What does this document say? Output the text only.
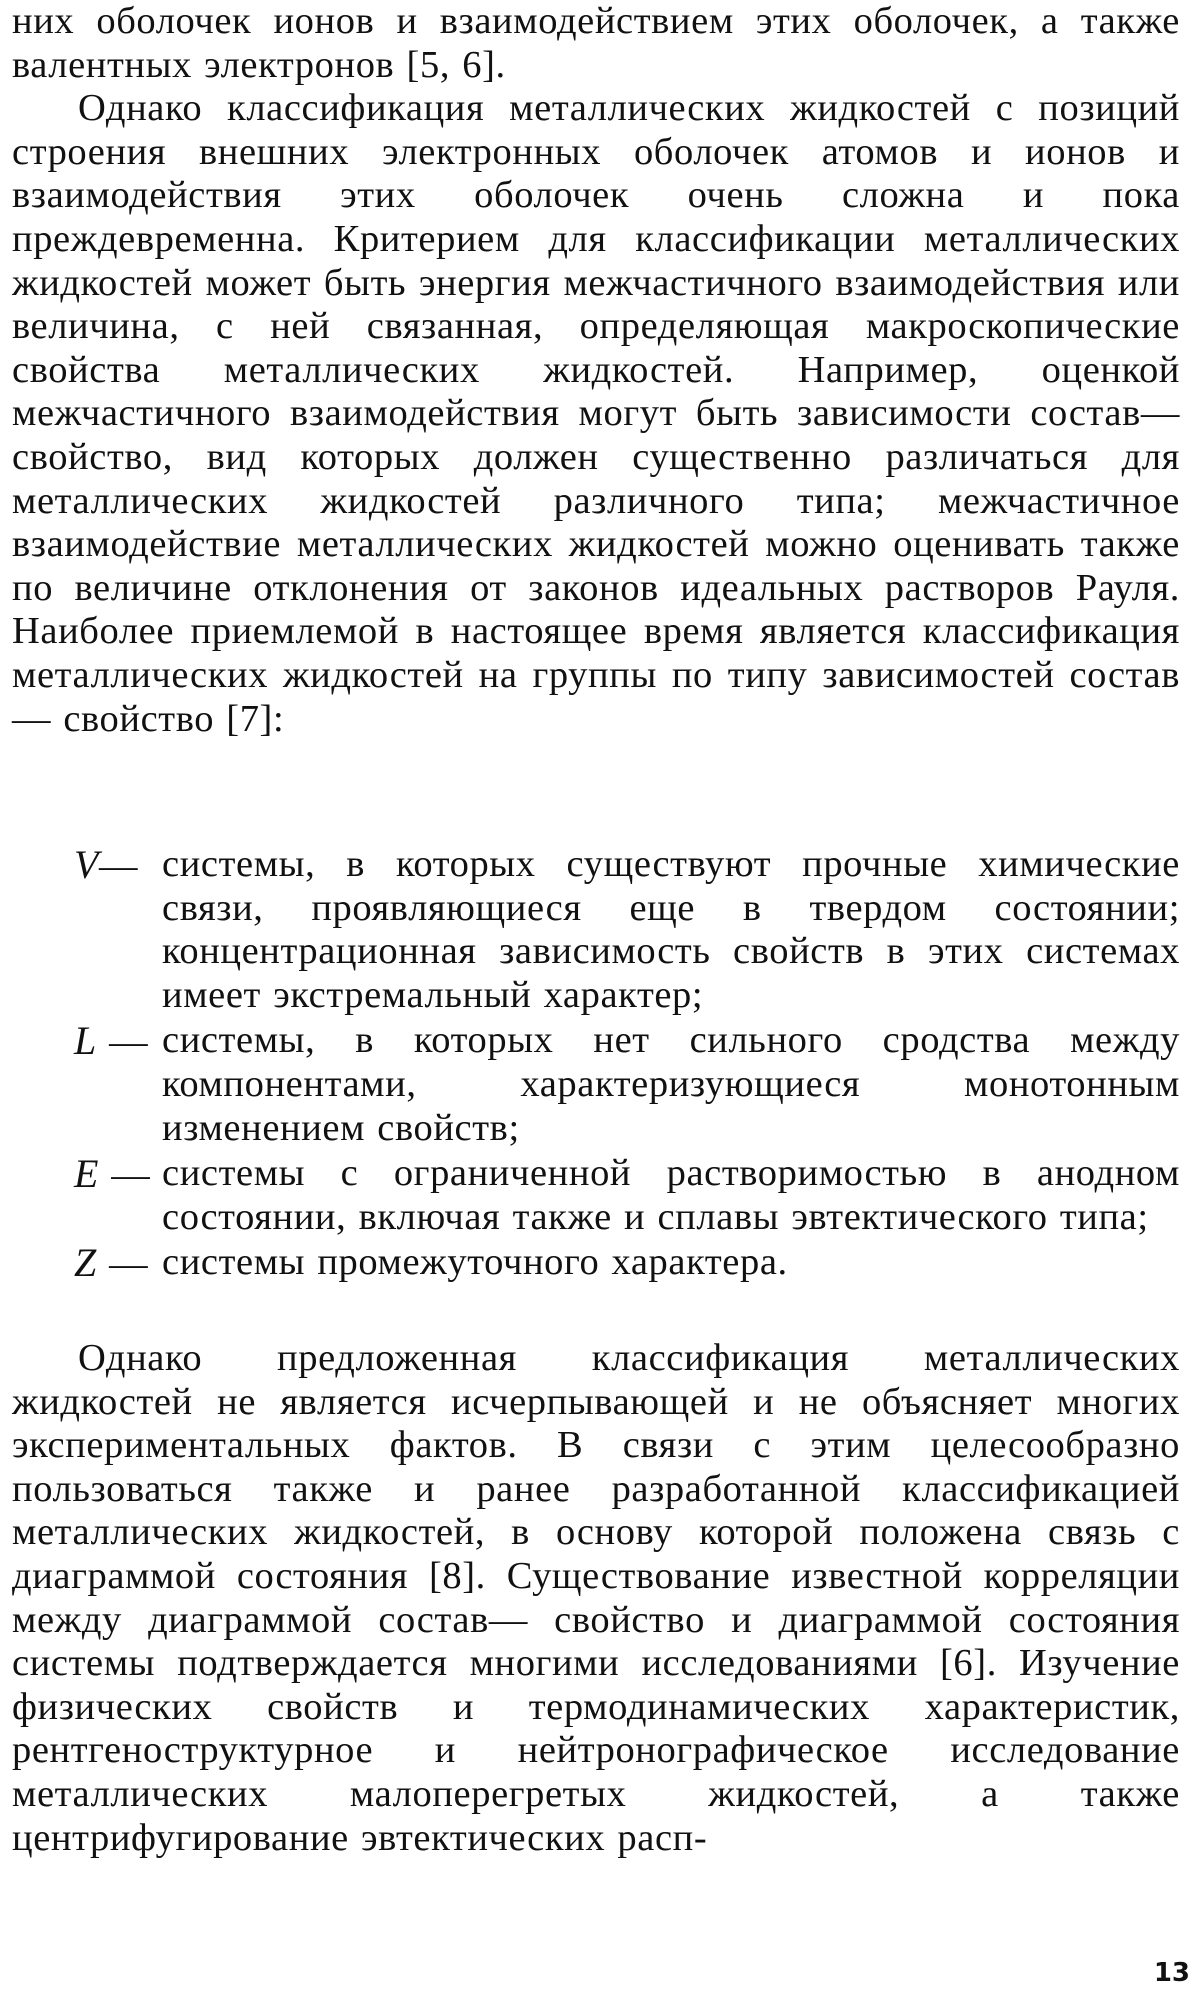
них оболочек ионов и взаимодействием этих оболочек, а также валентных электронов [5, 6].
Однако классификация металлических жидкостей с позиций строения внешних электронных оболочек атомов и ионов и взаимодействия этих оболочек очень сложна и пока преждевременна. Критерием для классификации металлических жидкостей может быть энергия межчастичного взаимодействия или величина, с ней связанная, определяющая макроскопические свойства металлических жидкостей. Например, оценкой межчастичного взаимодействия могут быть зависимости состав—свойство, вид которых должен существенно различаться для металлических жидкостей различного типа; межчастичное взаимодействие металлических жидкостей можно оценивать также по величине отклонения от законов идеальных растворов Рауля. Наиболее приемлемой в настоящее время является классификация металлических жидкостей на группы по типу зависимостей состав — свойство [7]:
V— системы, в которых существуют прочные химические связи, проявляющиеся еще в твердом состоянии; концентрационная зависимость свойств в этих системах имеет экстремальный характер;
L — системы, в которых нет сильного сродства между компонентами, характеризующиеся монотонным изменением свойств;
E — системы с ограниченной растворимостью в анодном состоянии, включая также и сплавы эвтектического типа;
Z — системы промежуточного характера.
Однако предложенная классификация металлических жидкостей не является исчерпывающей и не объясняет многих экспериментальных фактов. В связи с этим целесообразно пользоваться также и ранее разработанной классификацией металлических жидкостей, в основу которой положена связь с диаграммой состояния [8]. Существование известной корреляции между диаграммой состав— свойство и диаграммой состояния системы подтверждается многими исследованиями [6]. Изучение физических свойств и термодинамических характеристик, рентгеноструктурное и нейтронографическое исследование металлических малоперегретых жидкостей, а также центрифугирование эвтектических расп-
13
